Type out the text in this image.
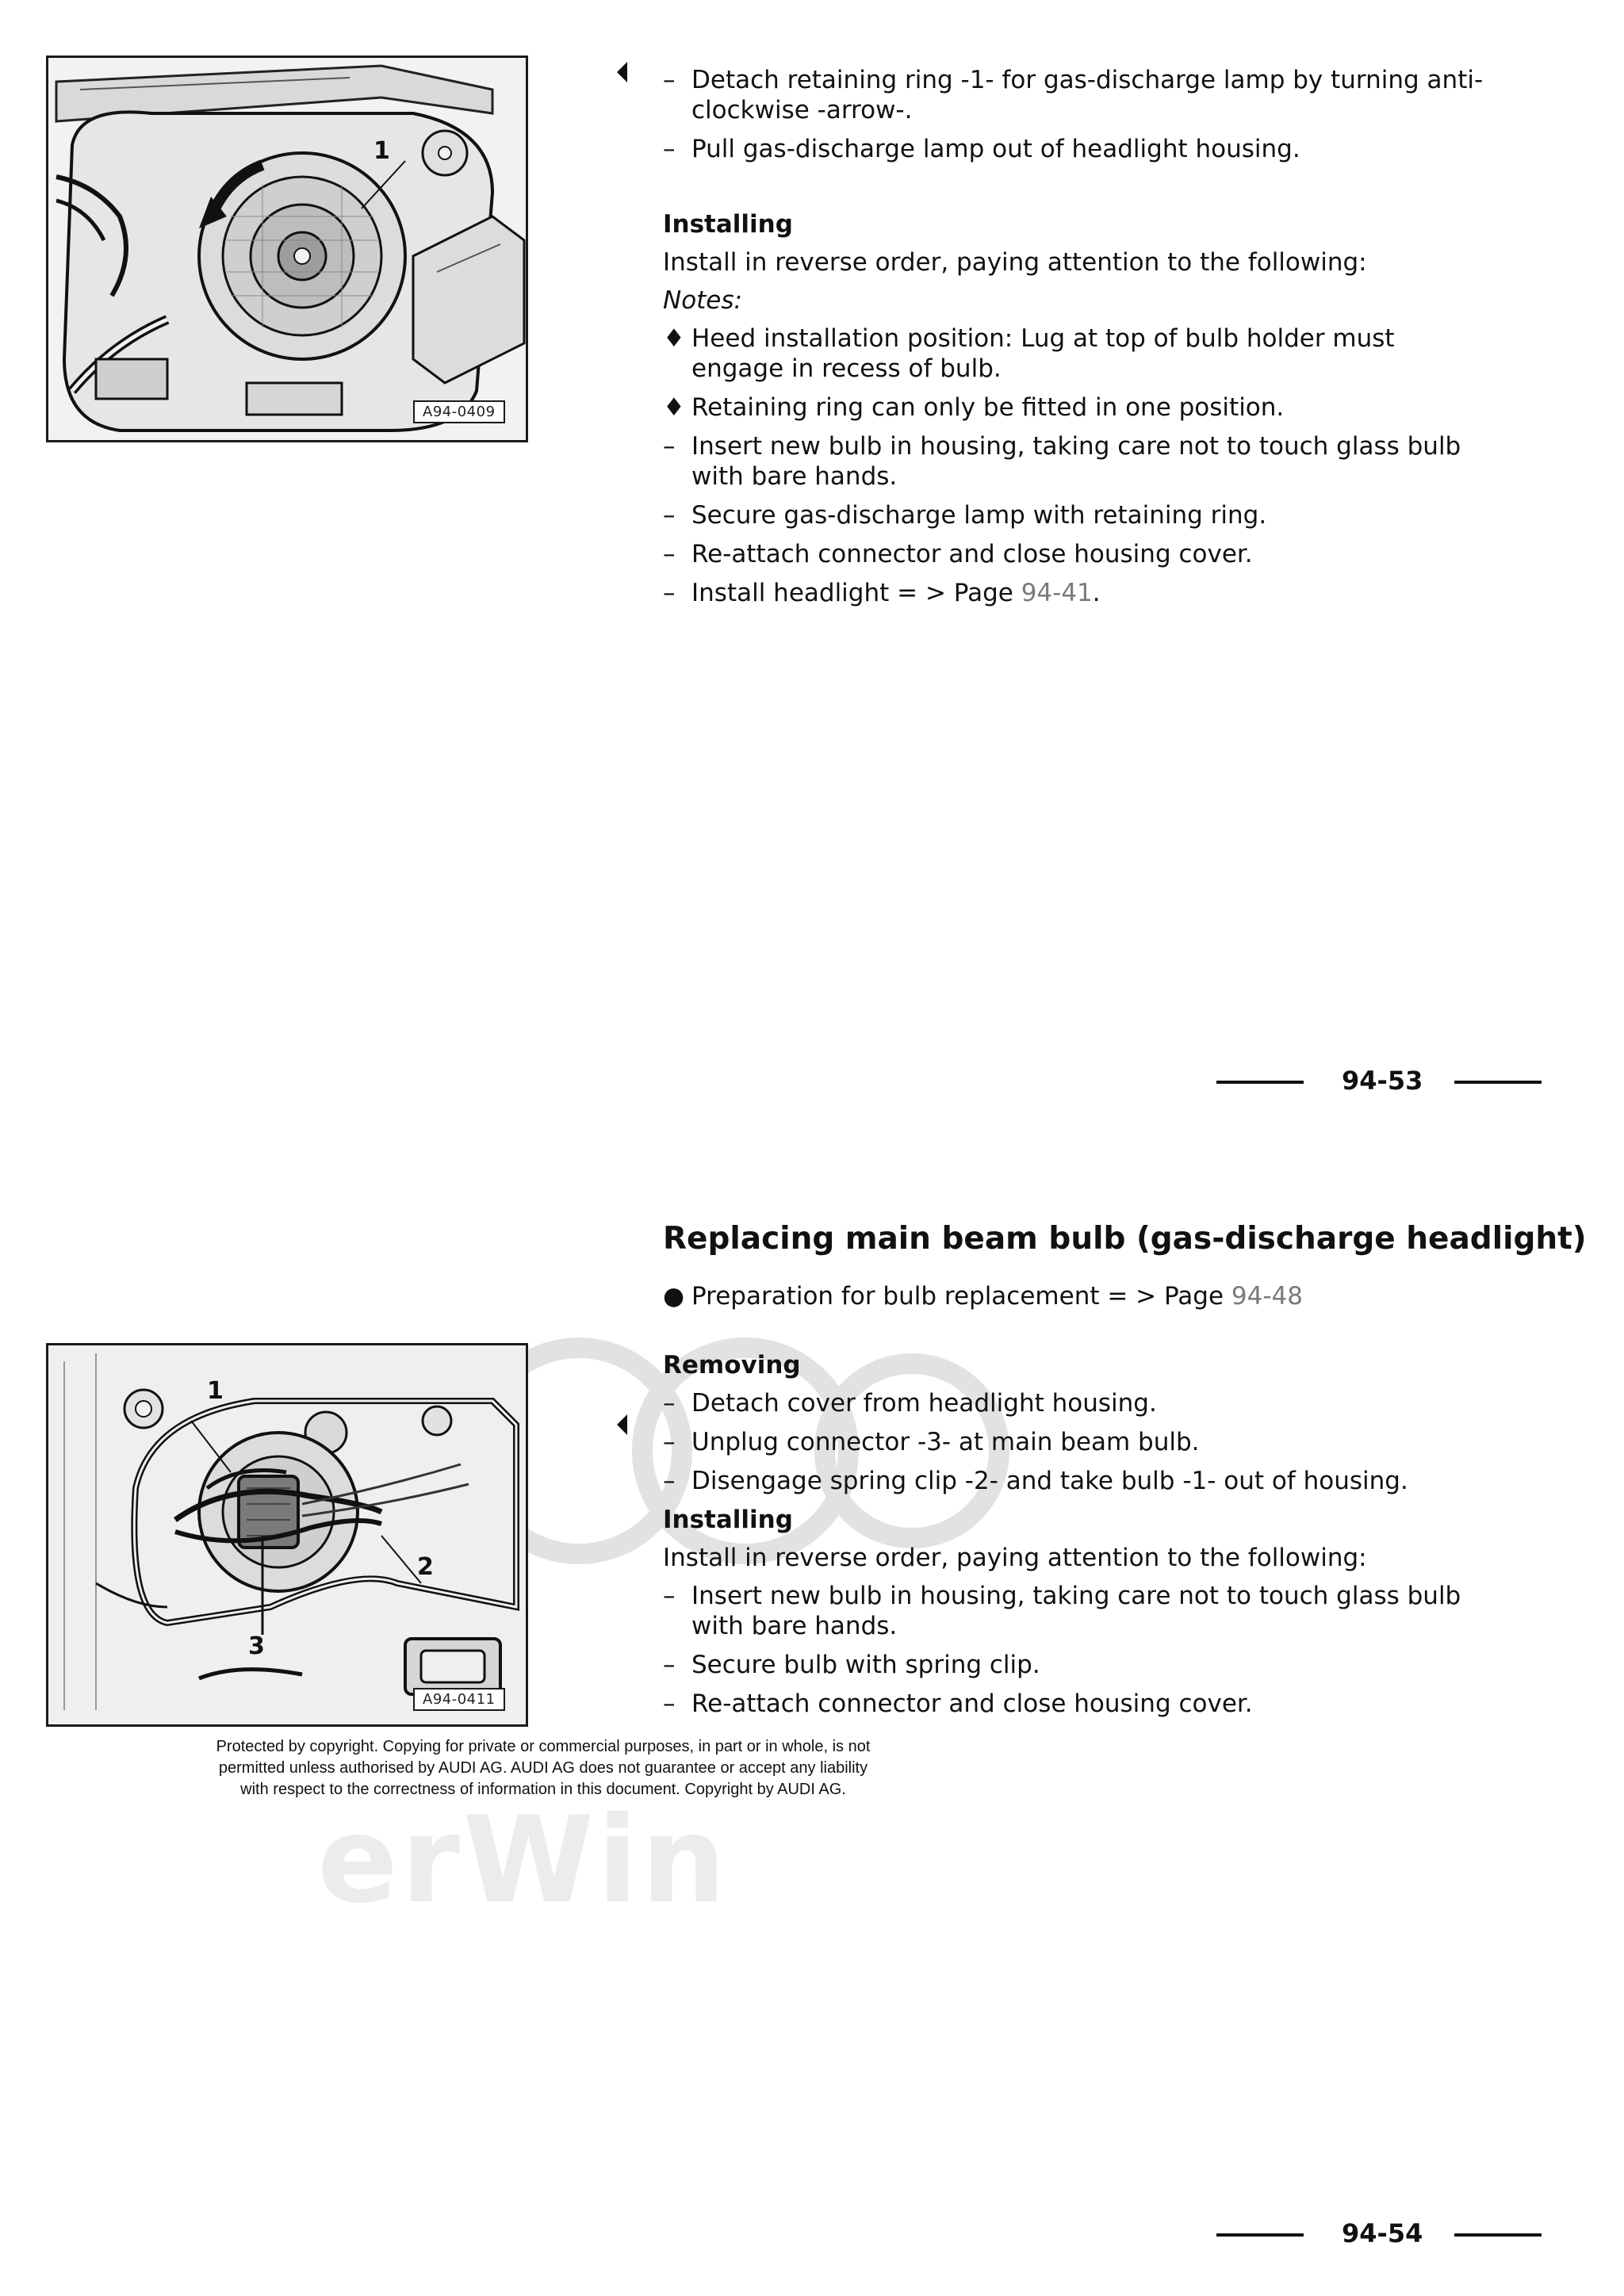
1
A94-0409
– Detach retaining ring -1- for gas-discharge lamp by turning anti-clockwise -arrow-.
– Pull gas-discharge lamp out of headlight housing.
Installing
Install in reverse order, paying attention to the following:
Notes:
♦ Heed installation position: Lug at top of bulb holder must engage in recess of bulb.
♦ Retaining ring can only be fitted in one position.
– Insert new bulb in housing, taking care not to touch glass bulb with bare hands.
– Secure gas-discharge lamp with retaining ring.
– Re-attach connector and close housing cover.
– Install headlight = > Page 94-41.
94-53
Replacing main beam bulb (gas-discharge headlight)
● Preparation for bulb replacement = > Page 94-48
Removing
– Detach cover from headlight housing.
– Unplug connector -3- at main beam bulb.
– Disengage spring clip -2- and take bulb -1- out of housing.
Installing
Install in reverse order, paying attention to the following:
– Insert new bulb in housing, taking care not to touch glass bulb with bare hands.
– Secure bulb with spring clip.
– Re-attach connector and close housing cover.
1
2
3
A94-0411
Protected by copyright. Copying for private or commercial purposes, in part or in whole, is not
permitted unless authorised by AUDI AG. AUDI AG does not guarantee or accept any liability
with respect to the correctness of information in this document. Copyright by AUDI AG.
erWin
94-54
